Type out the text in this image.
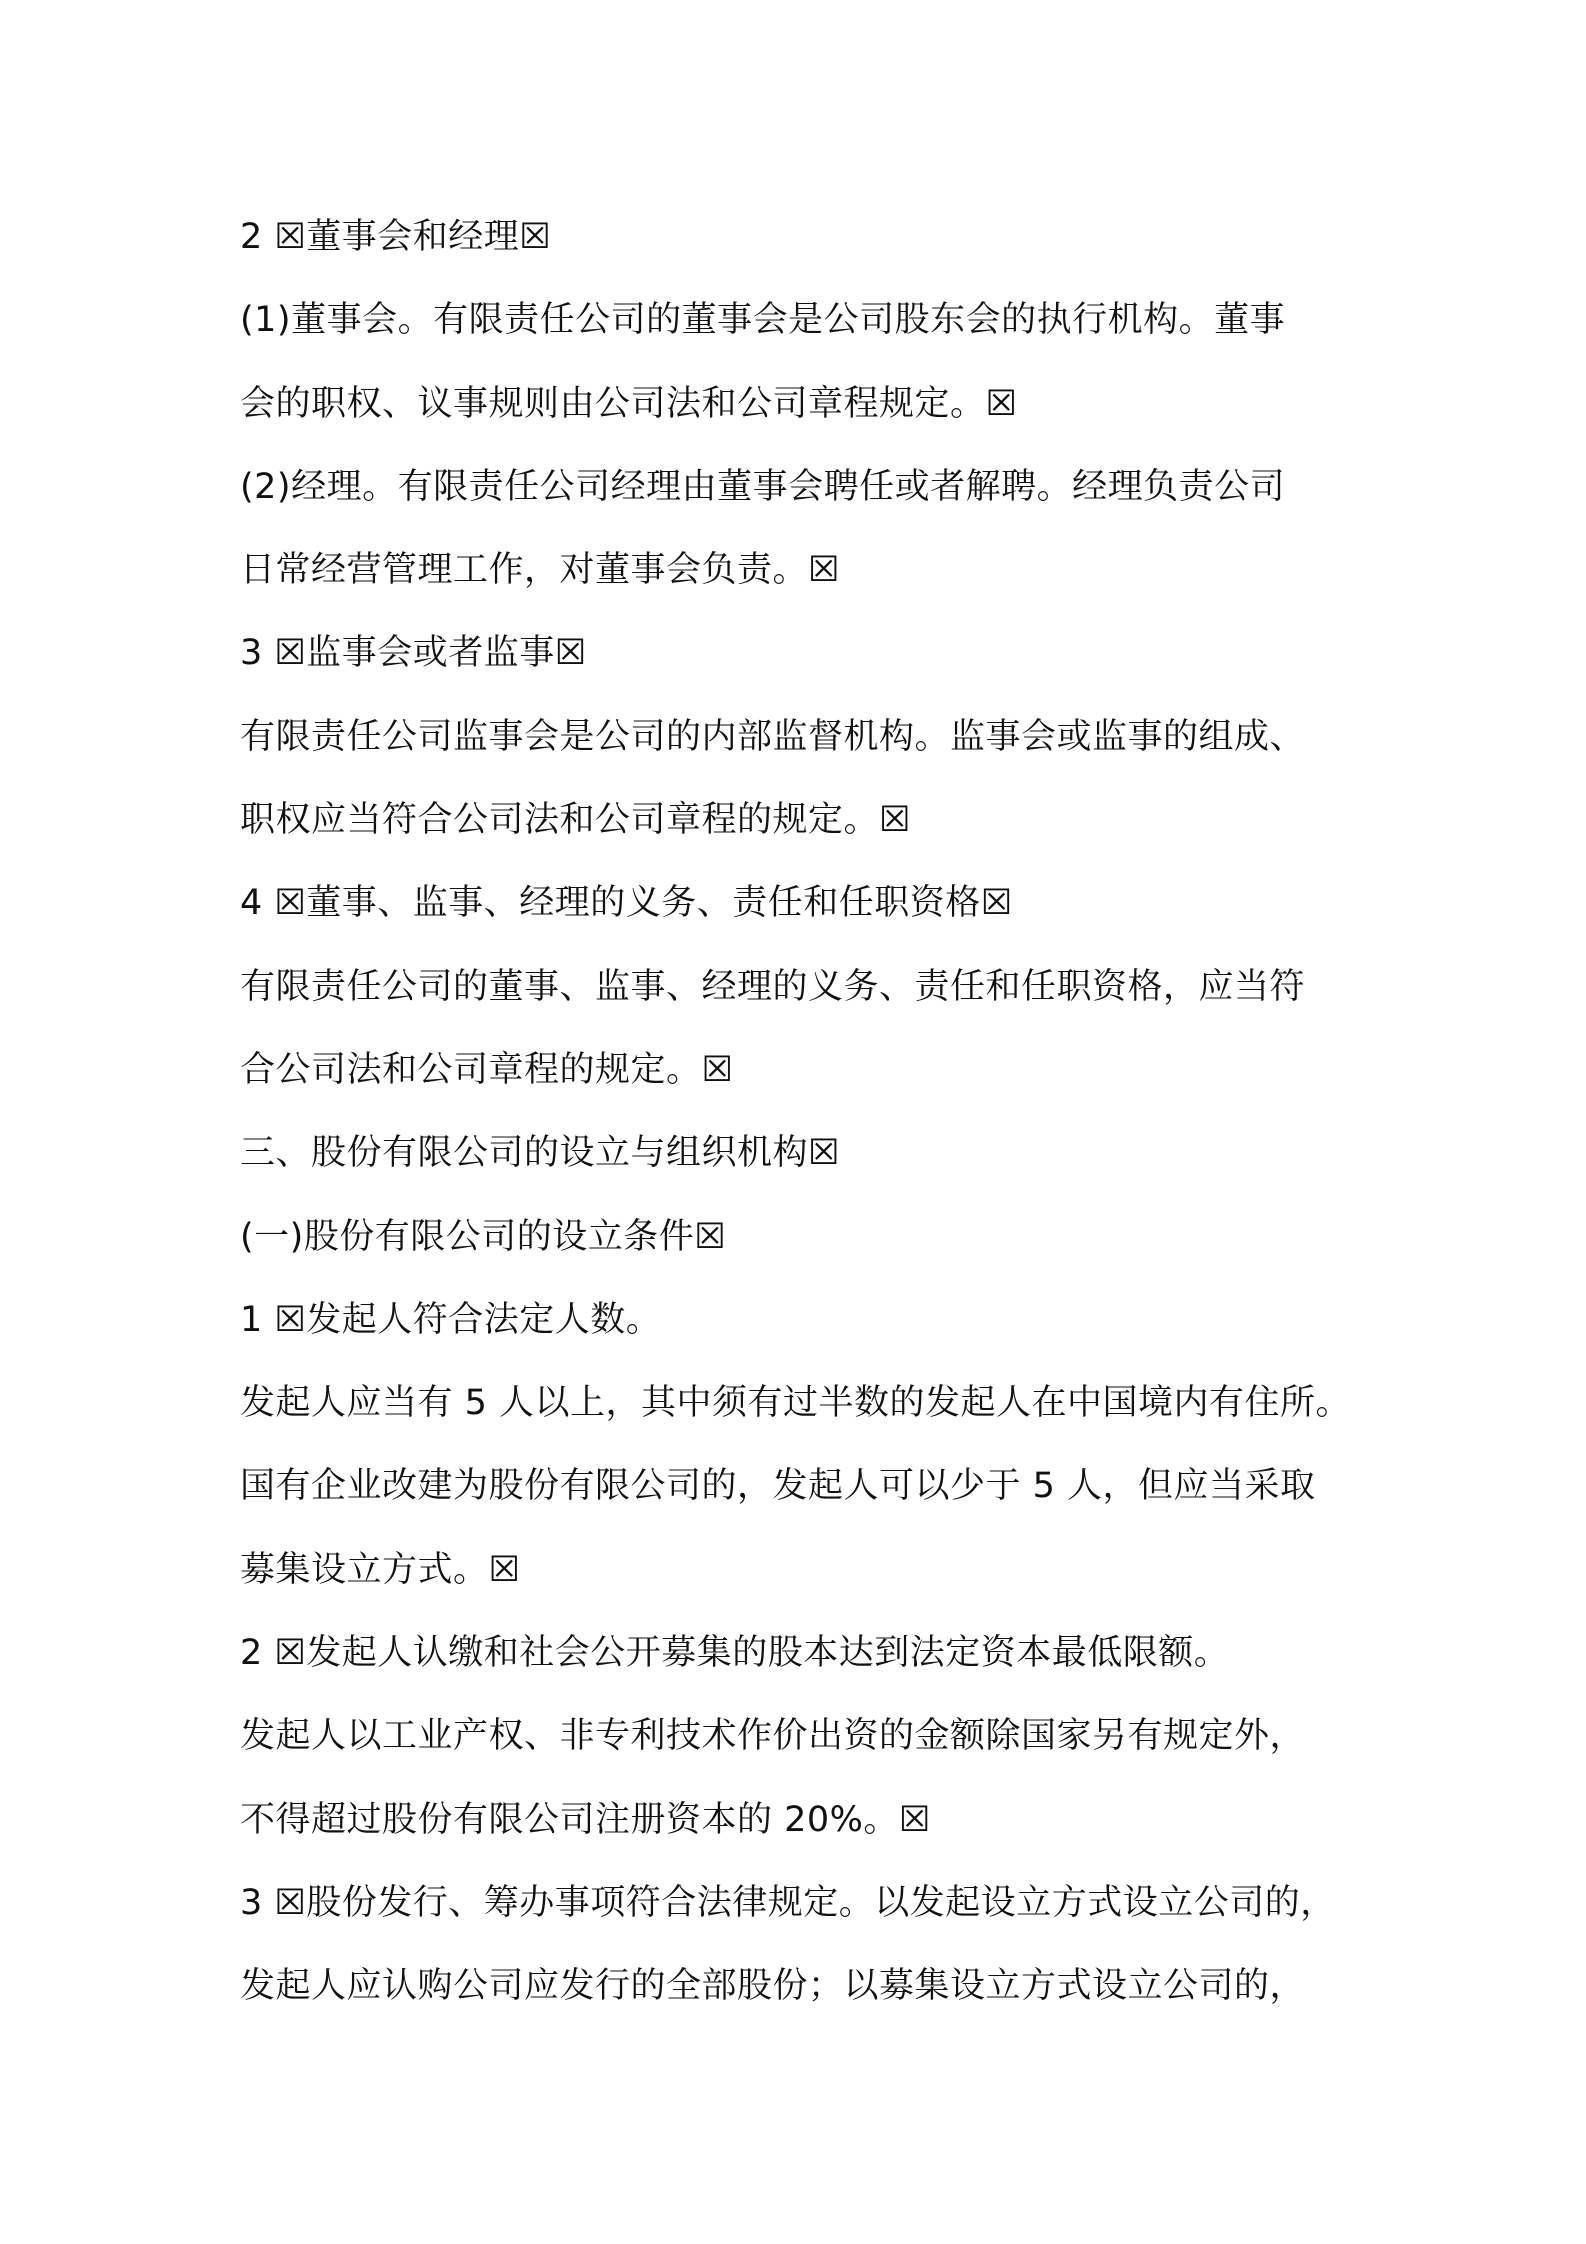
2 ☒董事会和经理☒
(1)董事会。有限责任公司的董事会是公司股东会的执行机构。董事
会的职权、议事规则由公司法和公司章程规定。☒
(2)经理。有限责任公司经理由董事会聘任或者解聘。经理负责公司
日常经营管理工作，对董事会负责。☒
3 ☒监事会或者监事☒
有限责任公司监事会是公司的内部监督机构。监事会或监事的组成、
职权应当符合公司法和公司章程的规定。☒
4 ☒董事、监事、经理的义务、责任和任职资格☒
有限责任公司的董事、监事、经理的义务、责任和任职资格，应当符
合公司法和公司章程的规定。☒
三、股份有限公司的设立与组织机构☒
(一)股份有限公司的设立条件☒
1 ☒发起人符合法定人数。
发起人应当有 5 人以上，其中须有过半数的发起人在中国境内有住所。
国有企业改建为股份有限公司的，发起人可以少于 5 人，但应当采取
募集设立方式。☒
2 ☒发起人认缴和社会公开募集的股本达到法定资本最低限额。
发起人以工业产权、非专利技术作价出资的金额除国家另有规定外，
不得超过股份有限公司注册资本的 20%。☒
3 ☒股份发行、筹办事项符合法律规定。以发起设立方式设立公司的，
发起人应认购公司应发行的全部股份；以募集设立方式设立公司的，
